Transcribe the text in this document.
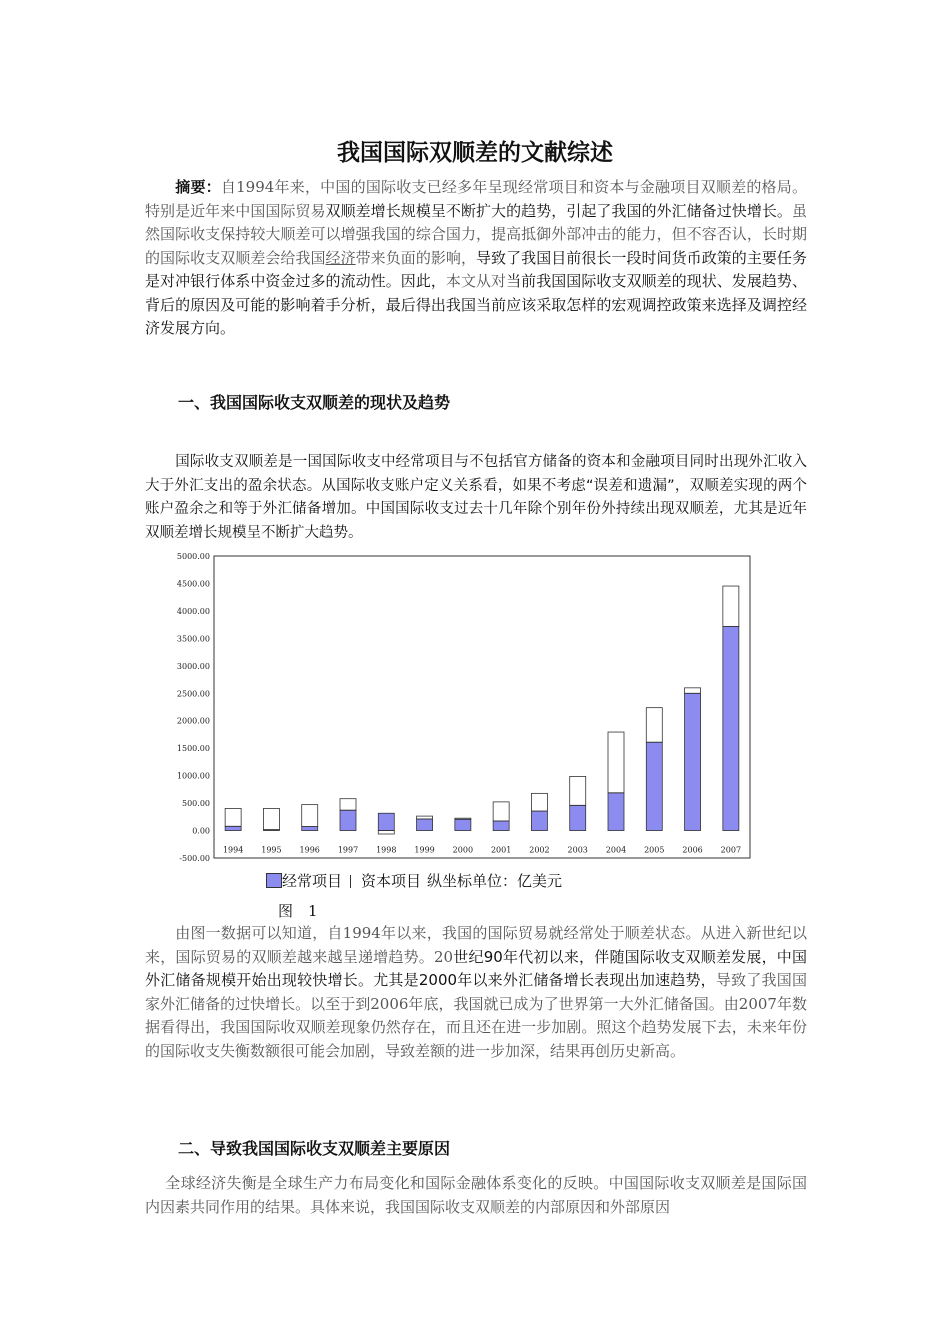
我国国际双顺差的文献综述
摘要：自1994年来，中国的国际收支已经多年呈现经常项目和资本与金融项目双顺差的格局。特别是近年来中国国际贸易双顺差增长规模呈不断扩大的趋势，引起了我国的外汇储备过快增长。虽然国际收支保持较大顺差可以增强我国的综合国力，提高抵御外部冲击的能力，但不容否认，长时期的国际收支双顺差会给我国经济带来负面的影响，导致了我国目前很长一段时间货币政策的主要任务是对冲银行体系中资金过多的流动性。因此，本文从对当前我国国际收支双顺差的现状、发展趋势、背后的原因及可能的影响着手分析，最后得出我国当前应该采取怎样的宏观调控政策来选择及调控经济发展方向。
一、我国国际收支双顺差的现状及趋势
国际收支双顺差是一国国际收支中经常项目与不包括官方储备的资本和金融项目同时出现外汇收入大于外汇支出的盈余状态。从国际收支账户定义关系看，如果不考虑“误差和遗漏”，双顺差实现的两个账户盈余之和等于外汇储备增加。中国国际收支过去十几年除个别年份外持续出现双顺差，尤其是近年双顺差增长规模呈不断扩大趋势。
-500.00
0.00
500.00
1000.00
1500.00
2000.00
2500.00
3000.00
3500.00
4000.00
4500.00
5000.00
1994 1995 1996 1997 1998 1999 2000 2001 2002 2003 2004 2005 2006 2007
经常项目 资本项目 纵坐标单位：亿美元
图　1
由图一数据可以知道，自1994年以来，我国的国际贸易就经常处于顺差状态。从进入新世纪以来，国际贸易的双顺差越来越呈递增趋势。20世纪90年代初以来，伴随国际收支双顺差发展，中国外汇储备规模开始出现较快增长。尤其是2000年以来外汇储备增长表现出加速趋势，导致了我国国家外汇储备的过快增长。以至于到2006年底，我国就已成为了世界第一大外汇储备国。由2007年数据看得出，我国国际收双顺差现象仍然存在，而且还在进一步加剧。照这个趋势发展下去，未来年份的国际收支失衡数额很可能会加剧，导致差额的进一步加深，结果再创历史新高。
二、导致我国国际收支双顺差主要原因
全球经济失衡是全球生产力布局变化和国际金融体系变化的反映。中国国际收支双顺差是国际国内因素共同作用的结果。具体来说，我国国际收支双顺差的内部原因和外部原因
